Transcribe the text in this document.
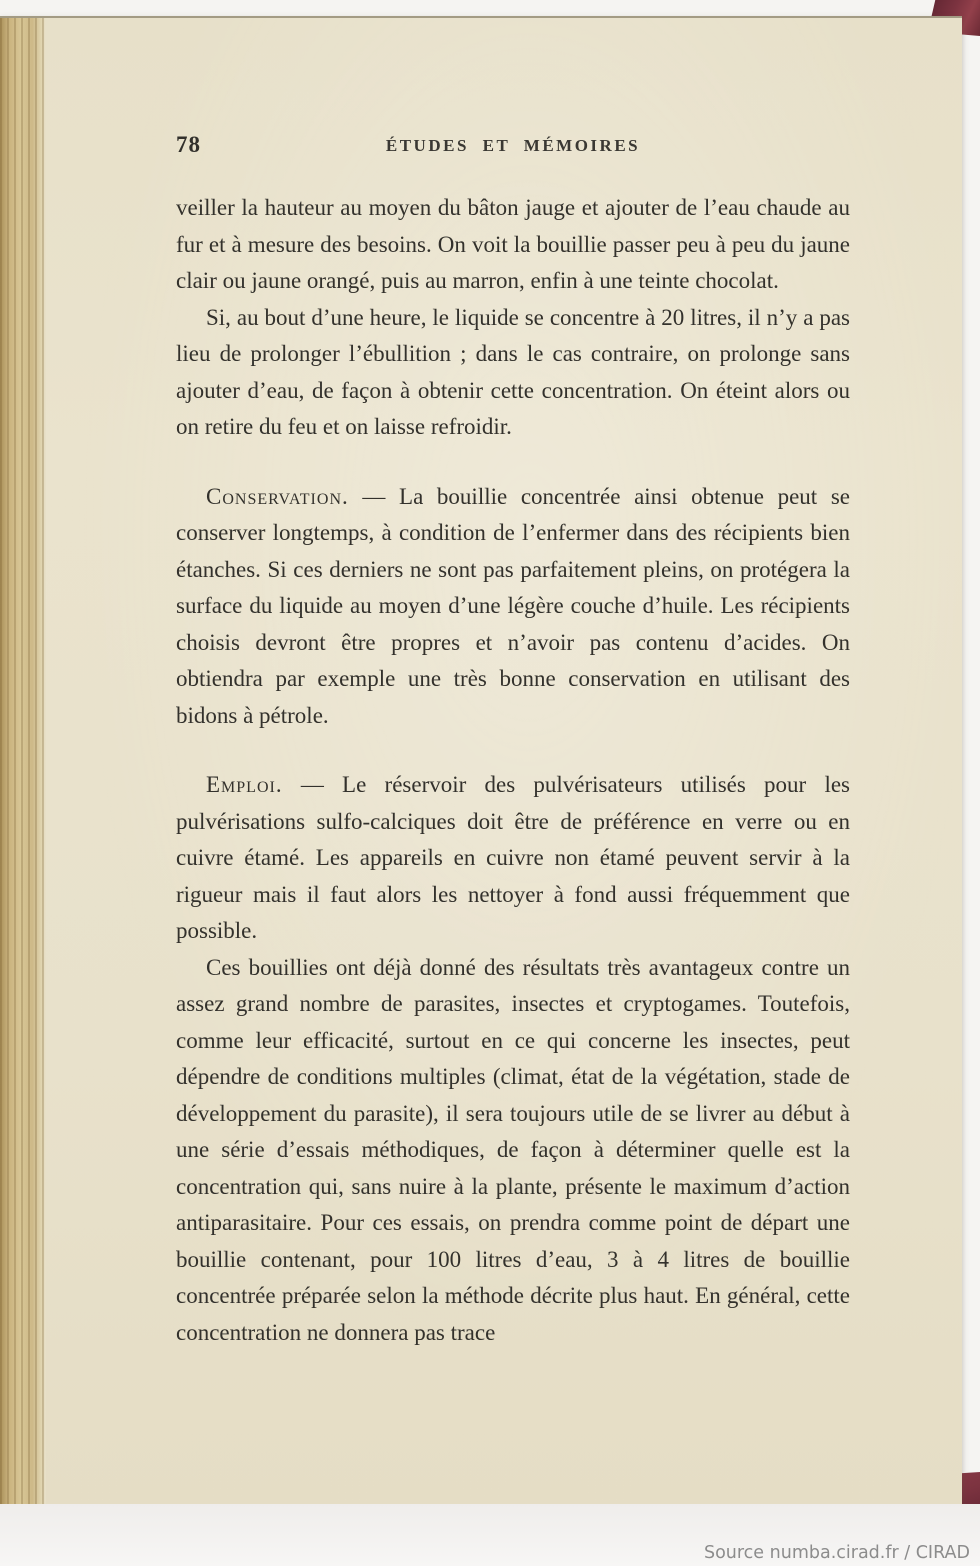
78	ÉTUDES ET MÉMOIRES

veiller la hauteur au moyen du bâton jauge et ajouter de l’eau chaude au fur et à mesure des besoins. On voit la bouillie passer peu à peu du jaune clair ou jaune orangé, puis au marron, enfin à une teinte chocolat.

Si, au bout d’une heure, le liquide se concentre à 20 litres, il n’y a pas lieu de prolonger l’ébullition ; dans le cas contraire, on prolonge sans ajouter d’eau, de façon à obtenir cette concentration. On éteint alors ou on retire du feu et on laisse refroidir.

Conservation. — La bouillie concentrée ainsi obtenue peut se conserver longtemps, à condition de l’enfermer dans des récipients bien étanches. Si ces derniers ne sont pas parfaitement pleins, on protégera la surface du liquide au moyen d’une légère couche d’huile. Les récipients choisis devront être propres et n’avoir pas contenu d’acides. On obtiendra par exemple une très bonne conservation en utilisant des bidons à pétrole.

Emploi. — Le réservoir des pulvérisateurs utilisés pour les pulvérisations sulfo-calciques doit être de préférence en verre ou en cuivre étamé. Les appareils en cuivre non étamé peuvent servir à la rigueur mais il faut alors les nettoyer à fond aussi fréquemment que possible.

Ces bouillies ont déjà donné des résultats très avantageux contre un assez grand nombre de parasites, insectes et cryptogames. Toutefois, comme leur efficacité, surtout en ce qui concerne les insectes, peut dépendre de conditions multiples (climat, état de la végétation, stade de développement du parasite), il sera toujours utile de se livrer au début à une série d’essais méthodiques, de façon à déterminer quelle est la concentration qui, sans nuire à la plante, présente le maximum d’action antiparasitaire. Pour ces essais, on prendra comme point de départ une bouillie contenant, pour 100 litres d’eau, 3 à 4 litres de bouillie concentrée préparée selon la méthode décrite plus haut. En général, cette concentration ne donnera pas trace

Source numba.cirad.fr / CIRAD
